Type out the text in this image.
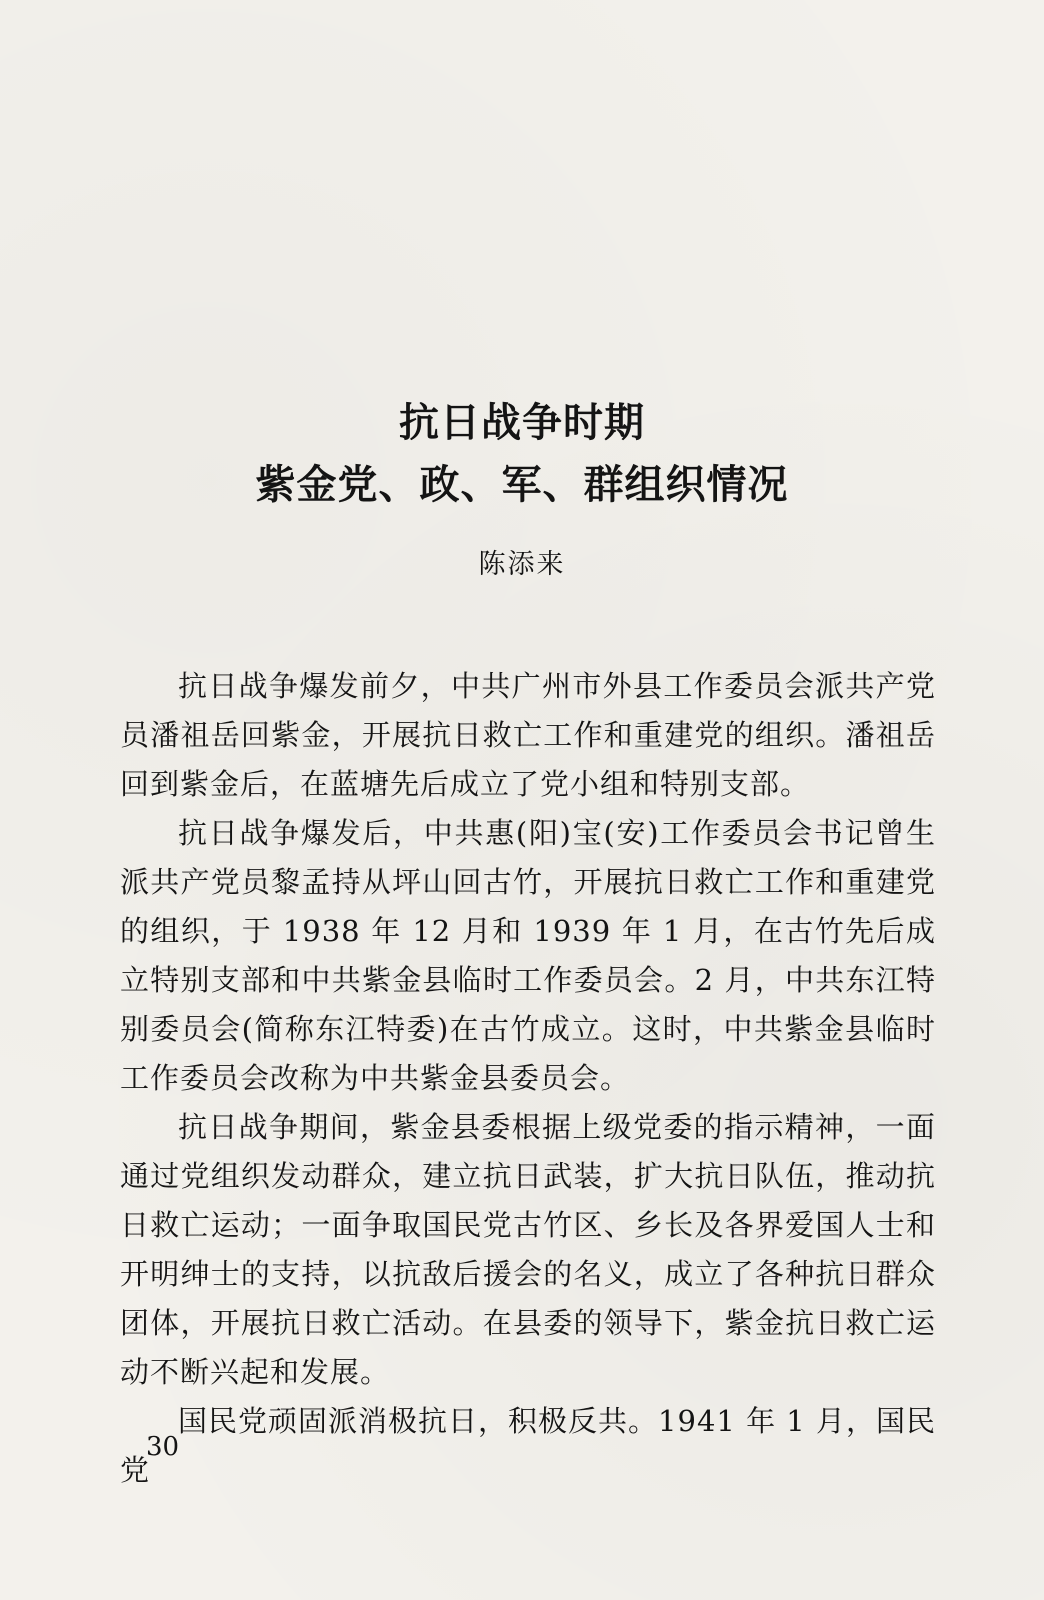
抗日战争时期
紫金党、政、军、群组织情况
陈添来

抗日战争爆发前夕，中共广州市外县工作委员会派共产党员潘祖岳回紫金，开展抗日救亡工作和重建党的组织。潘祖岳回到紫金后，在蓝塘先后成立了党小组和特别支部。

抗日战争爆发后，中共惠(阳)宝(安)工作委员会书记曾生派共产党员黎孟持从坪山回古竹，开展抗日救亡工作和重建党的组织，于 1938 年 12 月和 1939 年 1 月，在古竹先后成立特别支部和中共紫金县临时工作委员会。2 月，中共东江特别委员会(简称东江特委)在古竹成立。这时，中共紫金县临时工作委员会改称为中共紫金县委员会。

抗日战争期间，紫金县委根据上级党委的指示精神，一面通过党组织发动群众，建立抗日武装，扩大抗日队伍，推动抗日救亡运动；一面争取国民党古竹区、乡长及各界爱国人士和开明绅士的支持，以抗敌后援会的名义，成立了各种抗日群众团体，开展抗日救亡活动。在县委的领导下，紫金抗日救亡运动不断兴起和发展。

国民党顽固派消极抗日，积极反共。1941 年 1 月，国民党

30
